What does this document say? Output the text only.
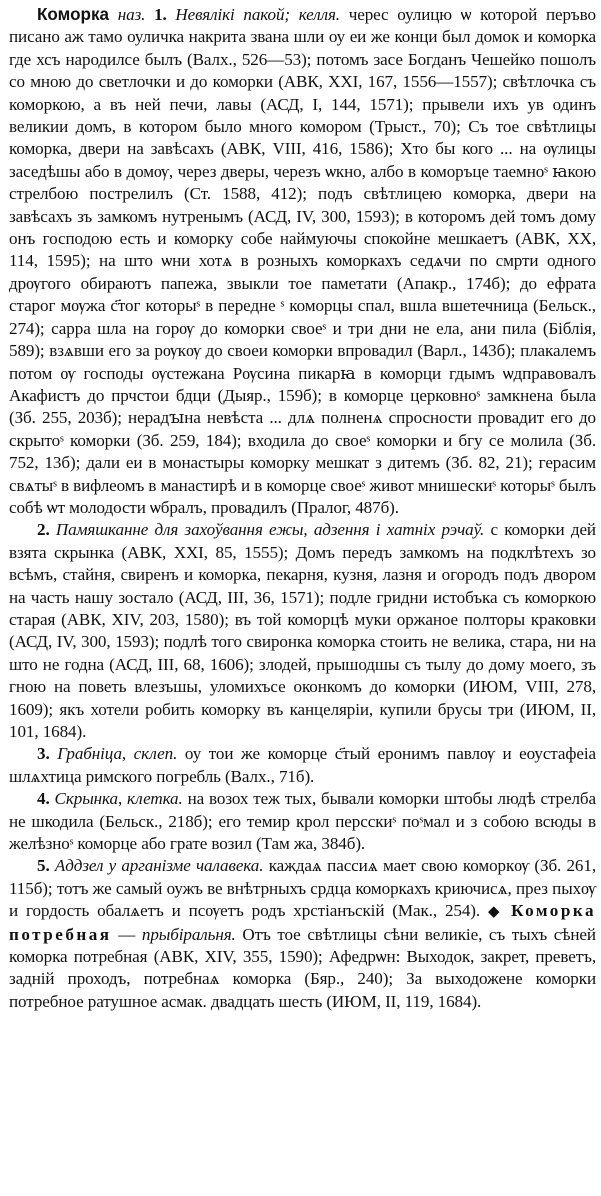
Коморка наз. 1. Невялікі пакой; келля. черес оулицю ѡ которой перъво писано аж тамо оуличка накрита звана шли оу еи же конци был домок и коморка где хсъ народилсе былъ (Валх., 526—53); потомъ засе Богданъ Чешейко пошолъ со мною до светлочки и до коморки (АВК, XXI, 167, 1556—1557); свѣтлочка съ коморкою, а въ ней печи, лавы (АСД, I, 144, 1571); прывели ихъ ув одинъ великии домъ, в котором было много комором (Трыст., 70); Съ тое свѣтлицы коморка, двери на завѣсахъ (АВК, VIII, 416, 1586); Хто бы кого ... на ѹлицы заседѣшы або в домѹ, через дверы, черезъ ѡкно, албо в коморъце таемноˢ ꙗкою стрелбою пострелилъ (Ст. 1588, 412); подъ свѣтлицею коморка, двери на завѣсахъ зъ замкомъ нутренымъ (АСД, IV, 300, 1593); в которомъ дей томъ дому онъ господою есть и коморку собе наймуючы спокойне мешкаетъ (АВК, XX, 114, 1595); на што ѡни хотѧ в розныхъ коморкахъ седѧчи по смрти одного дрѹгого обираютъ папежа, звыкли тое паметати (Апакр., 174б); до ефрата старог мѹжа с҃тог которыˢ в передне ˢ коморцы спал, вшла вшетечница (Бельск., 274); сарра шла на горѹ до коморки своеˢ и три дни не ела, ани пила (Біблія, 589); взѧвши его за рѹкѹ до своеи коморки впровадил (Варл., 143б); плакалемъ потом ѹ господы ѹстежана Рѹсина пикарꙗ в коморци гдымъ ѡдправовалъ Акафистъ до прчстои бдци (Дыяр., 159б); в коморце церковноˢ замкнена была (Зб. 255, 203б); нерадꙑна невѣста ... длѧ полненѧ спросности провадит его до скрытоˢ коморки (Зб. 259, 184); входила до своеˢ коморки и бгу се молила (Зб. 752, 13б); дали еи в монастыры коморку мешкат з дитемъ (Зб. 82, 21); герасим свѧтыˢ в вифлеомъ в манастирѣ и в коморце своеˢ живот мнишескиˢ которыˢ былъ собѣ ѡт молодости ѡбралъ, провадилъ (Пралог, 487б).

2. Памяшканне для захоўвання ежы, адзення і хатніх рэчаў. с коморки дей взята скрынка (АВК, XXI, 85, 1555); Домъ передъ замкомъ на подклѣтехъ зо всѣмъ, стайня, свиренъ и коморка, пекарня, кузня, лазня и огородъ подъ двором на часть нашу зостало (АСД, III, 36, 1571); подле гридни истобъка съ коморкою старая (АВК, XIV, 203, 1580); въ той коморцѣ муки оржаное полторы краковки (АСД, IV, 300, 1593); подлѣ того свиронка коморка стоить не велика, стара, ни на што не годна (АСД, III, 68, 1606); злодей, прышодшы съ тылу до дому моего, зъ гною на поветь влезъшы, уломихъсе оконкомъ до коморки (ИЮМ, VIII, 278, 1609); якъ хотели робить коморку въ канцеляріи, купили брусы три (ИЮМ, II, 101, 1684).

3. Грабніца, склеп. оу тои же коморце с҃тый еронимъ павлѹ и еоустафеіа шлѧхтица римского погребль (Валх., 71б).

4. Скрынка, клетка. на возох теж тых, бывали коморки штобы людѣ стрелба не шкодила (Бельск., 218б); его темир крол персскиˢ поˢмал и з собою всюды в желѣзноˢ коморце або грате возил (Там жа, 384б).

5. Аддзел у арганізме чалавека. каждаѧ пассиѧ мает свою коморкѹ (Зб. 261, 115б); тотъ же самый оужъ ве внѣтрныхъ срдца коморкахъ криючисѧ, през пыхѹ и гордость обалѧетъ и псѹетъ родъ хрстіанъскій (Мак., 254). ◆ Коморка потребная — прыбіральня. Отъ тое свѣтлицы сѣни великіе, съ тыхъ сѣней коморка потребная (АВК, XIV, 355, 1590); Афедрѡн: Выходок, закрет, преветъ, задній проходъ, потребнаѧ коморка (Бяр., 240); За выходожене коморки потребное ратушное асмак. двадцать шесть (ИЮМ, II, 119, 1684).
